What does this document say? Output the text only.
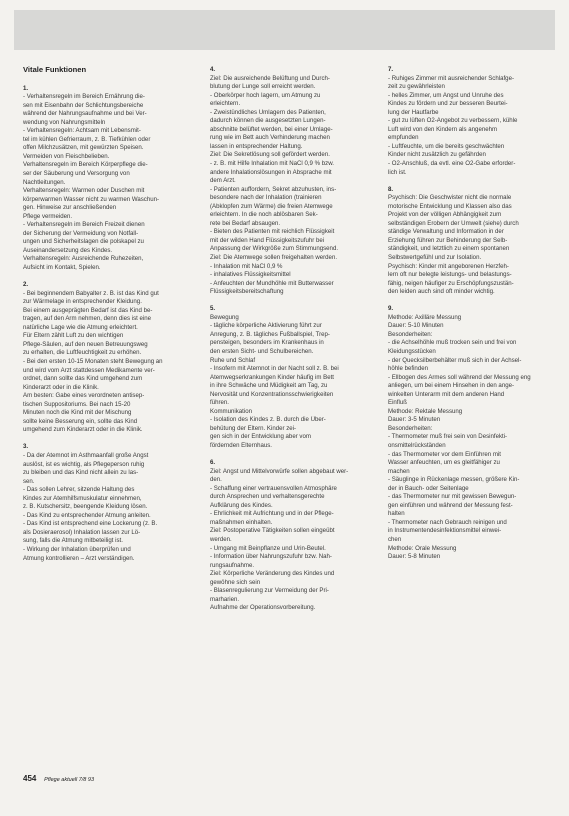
Vitale Funktionen
1.
- Verhaltensregeln im Bereich Ernährung die-
sen mit Eisenbahn der Schlichtungsbereiche
während der Nahrungsaufnahme und bei Ver-
wendung von Nahrungsmitteln
- Verhaltensregeln: Achtsam mit Lebensmit-
tel im kühlen Gefrierraum, z. B. Tiefkühlen oder
offen Milchzusätzen, mit gewürzten Speisen.
Vermeiden von Fleischbelieben.
Verhaltensregeln im Bereich Körperpflege die-
ser der Säuberung und Versorgung von
Nachtleitungen.
Verhaltensregeln: Warmen oder Duschen mit
körperwarmen Wasser nicht zu warmen Waschun-
gen. Hinweise zur anschließenden
Pflege vermeiden.
- Verhaltensregeln im Bereich Freizeit dienen
der Sicherung der Vermeidung von Notfall-
ungen und Sicherheitslagen die polskapel zu
Auseinandersetzung des Kindes.
Verhaltensregeln: Ausreichende Ruhezeiten,
Aufsicht im Kontakt, Spielen.
2.
- Bei beginnendem Babyalter z. B. ist das Kind gut
zur Wärmelage in entsprechender Kleidung.
Bei einem ausgeprägten Bedarf ist das Kind be-
tragen, auf den Arm nehmen, denn dies ist eine
natürliche Lage wie die Atmung erleichtert.
Für Eltern zählt Luft zu den wichtigen
Pflege-Säulen, auf den neuen Betreuungsweg
zu erhalten, die Luftfeuchtigkeit zu erhöhen.
- Bei den ersten 10-15 Monaten steht Bewegung an
und wird vom Arzt stattdessen Medikamente ver-
ordnet, dann sollte das Kind umgehend zum
Kinderarzt oder in die Klinik.
Am besten: Gabe eines verordneten antisep-
tischen Suppositoriums. Bei nach 15-20
Minuten noch die Kind mit der Mischung
sollte keine Besserung ein, sollte das Kind
umgehend zum Kinderarzt oder in die Klinik.
3.
- Da der Atemnot im Asthmaanfall große Angst
auslöst, ist es wichtig, als Pflegeperson ruhig
zu bleiben und das Kind nicht allein zu las-
sen.
- Das sollen Lehrer, sitzende Haltung des
Kindes zur Atemhilfsmuskulatur einnehmen,
z. B. Kutschersitz, beengende Kleidung lösen.
- Das Kind zu entsprechender Atmung anleiten.
- Das Kind ist entsprechend eine Lockerung (z. B.
als Dosieraerosol) Inhalation lassen zur Lö-
sung, falls die Atmung mitbeteiligt ist.
- Wirkung der Inhalation überprüfen und
Atmung kontrollieren – Arzt verständigen.
4.
Ziel: Die ausreichende Belüftung und Durch-
blutung der Lunge soll erreicht werden.
- Oberkörper hoch lagern, um Atmung zu
erleichtern.
- Zweistündliches Umlagern des Patienten,
dadurch können die ausgesetzten Lungen-
abschnitte belüftet werden, bei einer Umlage-
rung wie im Bett auch Verhinderung machen
lassen in entsprechender Haltung.
Ziel: Die Sekretlösung soll gefördert werden.
- z. B. mit Hilfe Inhalation mit NaCl 0,9 % bzw.
andere Inhalationslösungen in Absprache mit
dem Arzt.
- Patienten auffordern, Sekret abzuhusten, ins-
besondere nach der Inhalation (trainieren
(Abklopfen zum Wärme) die freien Atemwege
erleichtern. In die noch ablösbaren Sek-
rete bei Bedarf absaugen.
- Bieten des Patienten mit reichlich Flüssigkeit
mit der wilden Hand Flüssigkeitszufuhr bei
Anpassung der Wirkgröße zum Stimmungsend.
Ziel: Die Atemwege sollen freigehalten werden.
- Inhalation mit NaCl 0,9 %
- inhalatives Flüssigkeitsmittel
- Anfeuchten der Mundhöhle mit Butterwasser
Flüssigkeitsbereitschaftung
5.
Bewegung
- tägliche körperliche Aktivierung führt zur
Anregung, z. B. tägliches Fußballspiel, Trep-
pensteigen, besonders im Krankenhaus in
den ersten Sicht- und Schulbereichen.
Ruhe und Schlaf
- Insofern mit Atemnot in der Nacht soll z. B. bei
Atemwegserkrankungen Kinder häufig im Bett
in ihre Schwäche und Müdigkeit am Tag, zu
Nervosität und Konzentrationsschwierigkeiten
führen.
Kommunikation
- Isolation des Kindes z. B. durch die Über-
behütung der Eltern. Kinder zei-
gen sich in der Entwicklung aber vom
fördernden Elternhaus.
6.
Ziel: Angst und Mittelvorwürfe sollen abgebaut wer-
den.
- Schaffung einer vertrauensvollen Atmosphäre
durch Ansprechen und verhaltensgerechte
Aufklärung des Kindes.
- Ehrlichkeit mit Aufrichtung und in der Pflege-
maßnahmen einhalten.
Ziel: Postoperative Tätigkeiten sollen eingeübt
werden.
- Umgang mit Beinpflanze und Urin-Beutel.
- Information über Nahrungszufuhr bzw. Nah-
rungsaufnahme.
Ziel: Körperliche Veränderung des Kindes und
gewöhne sich sein
- Blasenregulierung zur Vermeidung der Pri-
marharien.
Aufnahme der Operationsvorbereitung.
7.
- Ruhiges Zimmer mit ausreichender Schlafge-
zeit zu gewährleisten
- helles Zimmer, um Angst und Unruhe des
Kindes zu fördern und zur besseren Beurtei-
lung der Hautfarbe
- gut zu lüften O2-Angebot zu verbessern, kühle
Luft wird von den Kindern als angenehm
empfunden
- Luftfeuchte, um die bereits geschwächten
Kinder nicht zusätzlich zu gefährden
- O2-Anschluß, da evtl. eine O2-Gabe erforder-
lich ist.
8.
Psychisch: Die Geschwister nicht die normale
motorische Entwicklung und Klassen also das
Projekt von der völligen Abhängigkeit zum
selbständigen Erobern der Umwelt (siehe) durch
ständige Verwaltung und Information in der
Erziehung führen zur Behinderung der Selb-
ständigkeit, und letztlich zu einem spontanen
Selbstwertgefühl und zur Isolation.
Psychisch: Kinder mit angeborenen Herzfeh-
lern oft nur belegte leistungs- und belastungs-
fähig, neigen häufiger zu Erschöpfungszustän-
den leiden auch sind oft minder wichtig.
9.
Methode: Axilläre Messung
Dauer: 5-10 Minuten
Besonderheiten:
- die Achselhöhle muß trocken sein und frei von
Kleidungsstücken
- der Quecksilberbehälter muß sich in der Achsel-
höhle befinden
- Ellbogen des Armes soll während der Messung eng
anliegen, um bei einem Hinsehen in den ange-
winkelten Unterarm mit dem anderen Hand
Einfluß
Methode: Rektale Messung
Dauer: 3-5 Minuten
Besonderheiten:
- Thermometer muß frei sein von Desinfekti-
onsmittelrückständen
- das Thermometer vor dem Einführen mit
Wasser anfeuchten, um es gleitfähiger zu
machen
- Säuglinge in Rückenlage messen, größere Kin-
der in Bauch- oder Seitenlage
- das Thermometer nur mit gewissen Bewegun-
gen einführen und während der Messung fest-
halten
- Thermometer nach Gebrauch reinigen und
in Instrumentendesinfektionsmittel einwei-
chen
Methode: Orale Messung
Dauer: 5-8 Minuten
454 Pflege aktuell 7/8 93
